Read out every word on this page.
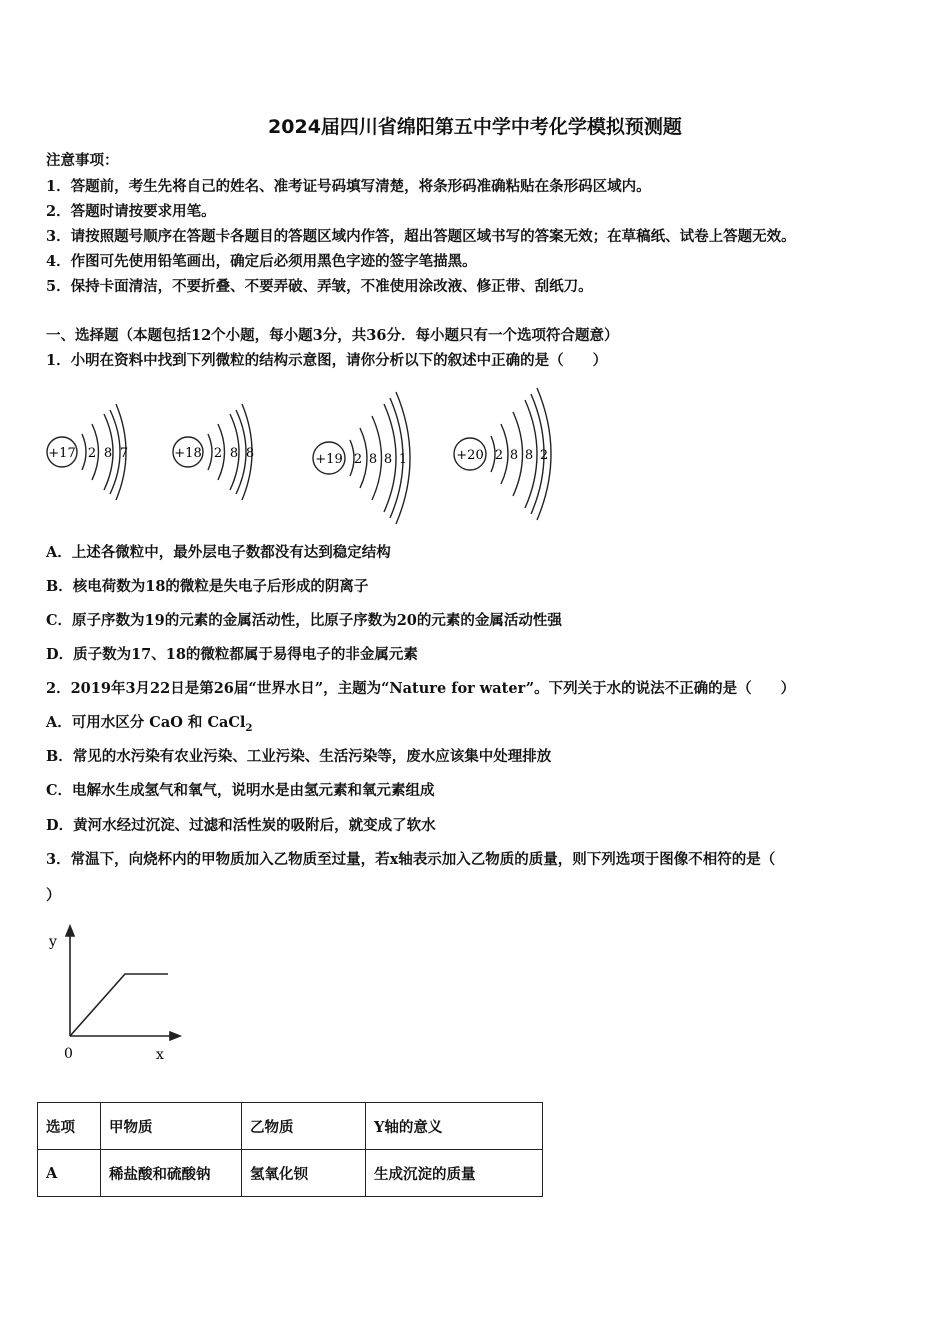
2024届四川省绵阳第五中学中考化学模拟预测题
注意事项：
1．答题前，考生先将自己的姓名、准考证号码填写清楚，将条形码准确粘贴在条形码区域内。
2．答题时请按要求用笔。
3．请按照题号顺序在答题卡各题目的答题区域内作答，超出答题区域书写的答案无效；在草稿纸、试卷上答题无效。
4．作图可先使用铅笔画出，确定后必须用黑色字迹的签字笔描黑。
5．保持卡面清洁，不要折叠、不要弄破、弄皱，不准使用涂改液、修正带、刮纸刀。
一、选择题（本题包括12个小题，每小题3分，共36分．每小题只有一个选项符合题意）
1．小明在资料中找到下列微粒的结构示意图，请你分析以下的叙述中正确的是（　　）
+17 2 8 7	+18 2 8 8	+19 2 8 8 1	+20 2 8 8 2
A．上述各微粒中，最外层电子数都没有达到稳定结构
B．核电荷数为18的微粒是失电子后形成的阴离子
C．原子序数为19的元素的金属活动性，比原子序数为20的元素的金属活动性强
D．质子数为17、18的微粒都属于易得电子的非金属元素
2．2019年3月22日是第26届“世界水日”，主题为“Nature for water”。下列关于水的说法不正确的是（　　）
A．可用水区分 CaO 和 CaCl$_2$
B．常见的水污染有农业污染、工业污染、生活污染等，废水应该集中处理排放
C．电解水生成氢气和氧气，说明水是由氢元素和氧元素组成
D．黄河水经过沉淀、过滤和活性炭的吸附后，就变成了软水
3．常温下，向烧杯内的甲物质加入乙物质至过量，若x轴表示加入乙物质的质量，则下列选项于图像不相符的是（
）
y
x
0
选项	甲物质	乙物质	Y轴的意义
A	稀盐酸和硫酸钠	氢氧化钡	生成沉淀的质量
